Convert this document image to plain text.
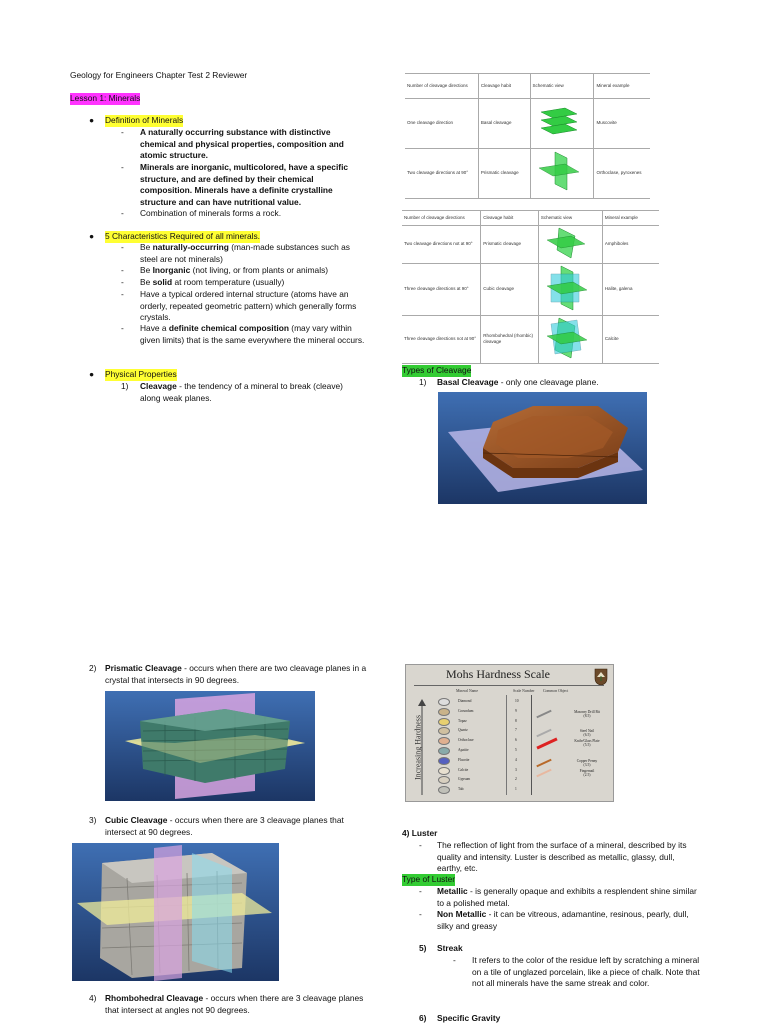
Geology for Engineers Chapter Test 2 Reviewer
Lesson 1: Minerals
● Definition of Minerals
- A naturally occurring substance with distinctive chemical and physical properties, composition and atomic structure.
- Minerals are inorganic, multicolored, have a specific structure, and are defined by their chemical composition. Minerals have a definite crystalline structure and can have nutritional value.
- Combination of minerals forms a rock.
● 5 Characteristics Required of all minerals.
- Be naturally-occurring (man-made substances such as steel are not minerals)
- Be Inorganic (not living, or from plants or animals)
- Be solid at room temperature (usually)
- Have a typical ordered internal structure (atoms have an orderly, repeated geometric pattern) which generally forms crystals.
- Have a definite chemical composition (may vary within given limits) that is the same everywhere the mineral occurs.
● Physical Properties
1) Cleavage - the tendency of a mineral to break (cleave) along weak planes.
Number of cleavage directions	Cleavage habit	Schematic view	Mineral example
One cleavage direction	Basal cleavage		Muscovite
Two cleavage directions at 90°	Prismatic cleavage		Orthoclase, pyroxenes
Number of cleavage directions	Cleavage habit	Schematic view	Mineral example
Two cleavage directions not at 90°	Prismatic cleavage		Amphiboles
Three cleavage directions at 90°	Cubic cleavage		Halite, galena
Three cleavage directions not at 90°	Rhombohedral (rhombic) cleavage		Calcite
Types of Cleavage
1) Basal Cleavage - only one cleavage plane.
2) Prismatic Cleavage - occurs when there are two cleavage planes in a crystal that intersects in 90 degrees.
3) Cubic Cleavage - occurs when there are 3 cleavage planes that intersect at 90 degrees.
4) Rhombohedral Cleavage - occurs when there are 3 cleavage planes that intersect at angles not 90 degrees.
Mohs Hardness Scale
Increasing Hardness
Mineral Name	Scale Number Common Object
Diamond	10
Corundum	9
Topaz	8
Quartz	7
Orthoclase	6
Apatite	5
Fluorite	4
Calcite	3
Gypsum	2
Talc	1
Masonry Drill Bit
(8.5)
Steel Nail
(6.5)
Knife/Glass Plate
(5.5)
Copper Penny
(3.5)
Fingernail
(2.5)
4) Luster
- The reflection of light from the surface of a mineral, described by its quality and intensity. Luster is described as metallic, glassy, dull, earthy, etc.
Type of Luster
- Metallic - is generally opaque and exhibits a resplendent shine similar to a polished metal.
- Non Metallic - it can be vitreous, adamantine, resinous, pearly, dull, silky and greasy
5) Streak
- It refers to the color of the residue left by scratching a mineral on a tile of unglazed porcelain, like a piece of chalk. Note that not all minerals have the same streak and color.
6) Specific Gravity
